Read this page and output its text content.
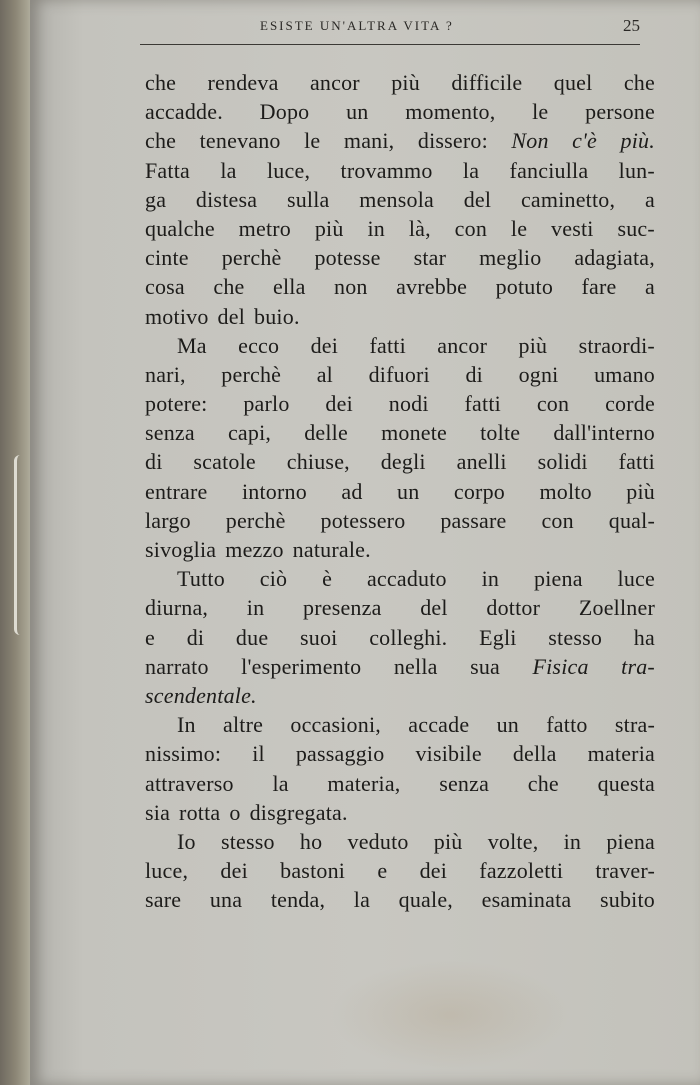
ESISTE UN'ALTRA VITA ?	25
che rendeva ancor più difficile quel che
accadde. Dopo un momento, le persone
che tenevano le mani, dissero: Non c'è più.
Fatta la luce, trovammo la fanciulla lun-
ga distesa sulla mensola del caminetto, a
qualche metro più in là, con le vesti suc-
cinte perchè potesse star meglio adagiata,
cosa che ella non avrebbe potuto fare a
motivo del buio.
Ma ecco dei fatti ancor più straordi-
nari, perchè al difuori di ogni umano
potere: parlo dei nodi fatti con corde
senza capi, delle monete tolte dall'interno
di scatole chiuse, degli anelli solidi fatti
entrare intorno ad un corpo molto più
largo perchè potessero passare con qual-
sivoglia mezzo naturale.
Tutto ciò è accaduto in piena luce
diurna, in presenza del dottor Zoellner
e di due suoi colleghi. Egli stesso ha
narrato l'esperimento nella sua Fisica tra-
scendentale.
In altre occasioni, accade un fatto stra-
nissimo: il passaggio visibile della materia
attraverso la materia, senza che questa
sia rotta o disgregata.
Io stesso ho veduto più volte, in piena
luce, dei bastoni e dei fazzoletti traver-
sare una tenda, la quale, esaminata subito
